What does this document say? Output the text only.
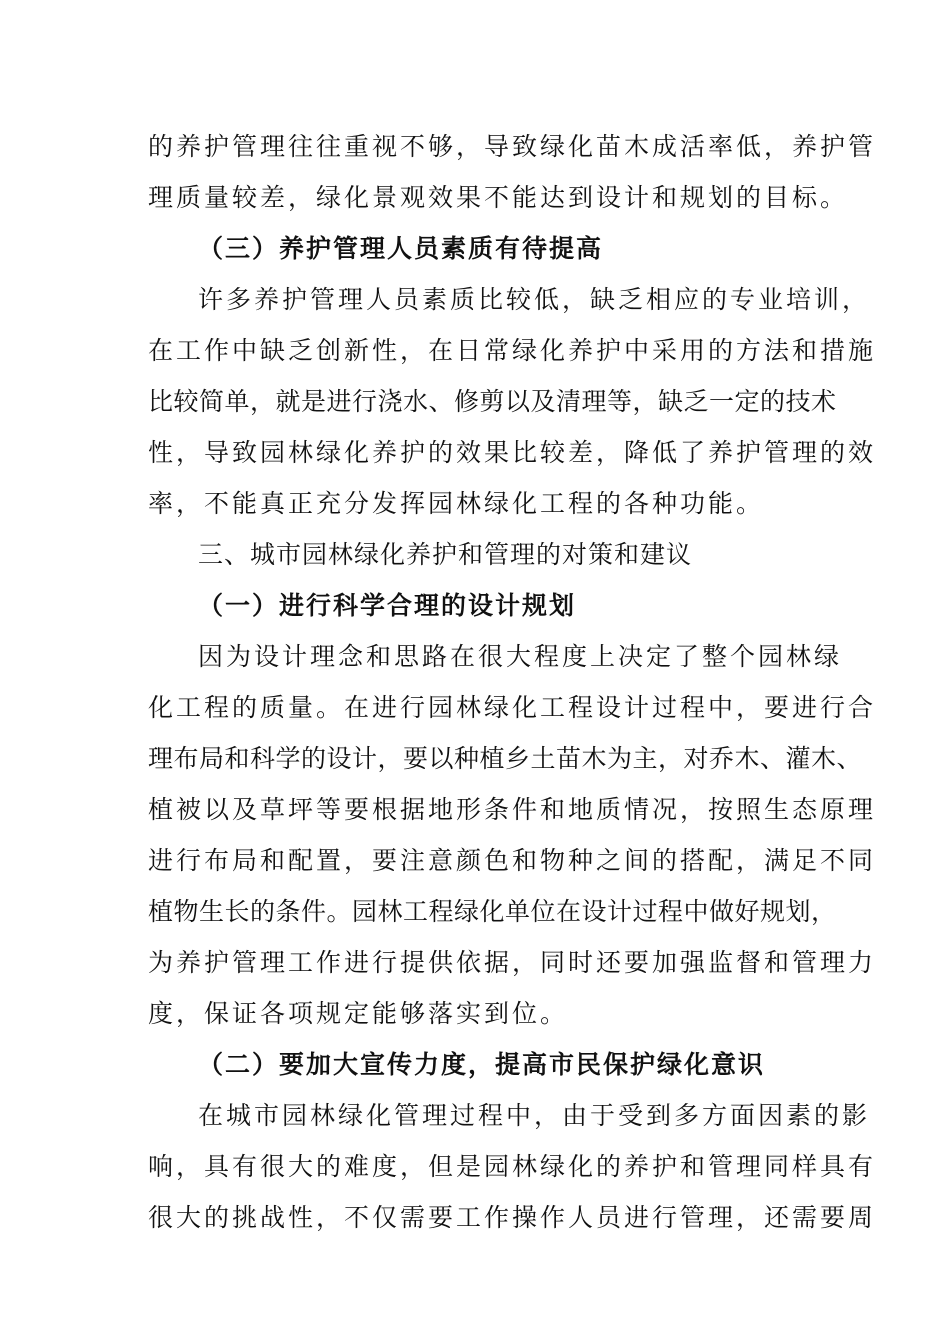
的养护管理往往重视不够，导致绿化苗木成活率低，养护管
理质量较差，绿化景观效果不能达到设计和规划的目标。
（三）养护管理人员素质有待提高
许多养护管理人员素质比较低，缺乏相应的专业培训，
在工作中缺乏创新性，在日常绿化养护中采用的方法和措施
比较简单，就是进行浇水、修剪以及清理等，缺乏一定的技术
性，导致园林绿化养护的效果比较差，降低了养护管理的效
率，不能真正充分发挥园林绿化工程的各种功能。
三、城市园林绿化养护和管理的对策和建议
（一）进行科学合理的设计规划
因为设计理念和思路在很大程度上决定了整个园林绿
化工程的质量。在进行园林绿化工程设计过程中，要进行合
理布局和科学的设计，要以种植乡土苗木为主，对乔木、灌木、
植被以及草坪等要根据地形条件和地质情况，按照生态原理
进行布局和配置，要注意颜色和物种之间的搭配，满足不同
植物生长的条件。园林工程绿化单位在设计过程中做好规划，
为养护管理工作进行提供依据，同时还要加强监督和管理力
度，保证各项规定能够落实到位。
（二）要加大宣传力度，提高市民保护绿化意识
在城市园林绿化管理过程中，由于受到多方面因素的影
响，具有很大的难度，但是园林绿化的养护和管理同样具有
很大的挑战性，不仅需要工作操作人员进行管理，还需要周
